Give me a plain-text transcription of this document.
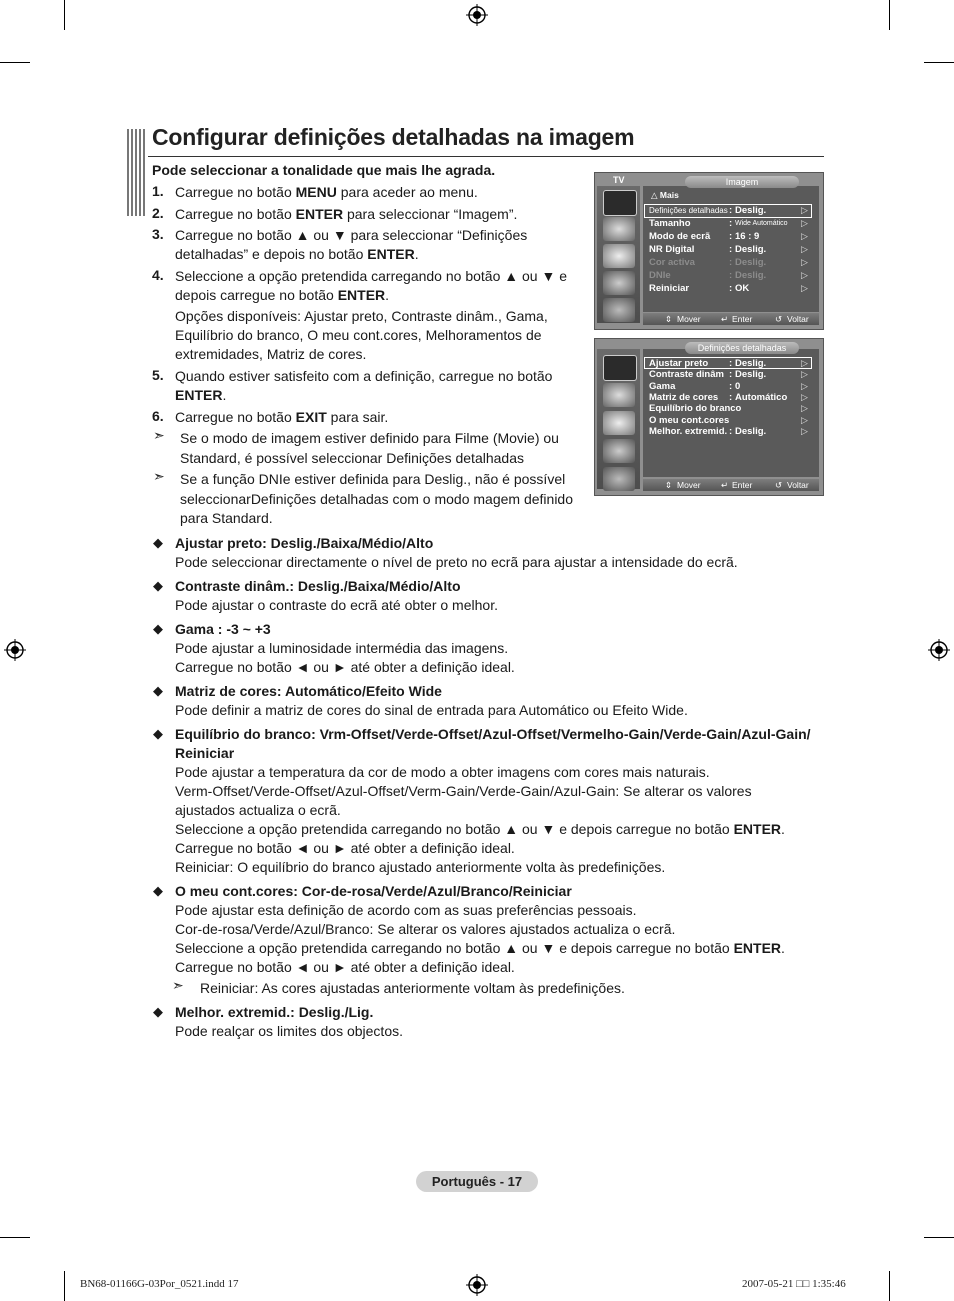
Configurar definições detalhadas na imagem
Pode seleccionar a tonalidade que mais lhe agrada.
1. Carregue no botão MENU para aceder ao menu.
2. Carregue no botão ENTER para seleccionar “Imagem”.
3. Carregue no botão ▲ ou ▼ para seleccionar “Definições
detalhadas” e depois no botão ENTER.
4. Seleccione a opção pretendida carregando no botão ▲ ou ▼ e
depois carregue no botão ENTER.
5. Quando estiver satisfeito com a definição, carregue no botão
ENTER.
6. Carregue no botão EXIT para sair.
Opções disponíveis: Ajustar preto, Contraste dinâm., Gama,
Equilíbrio do branco, O meu cont.cores, Melhoramentos de
extremidades, Matriz de cores.
➣ Se o modo de imagem estiver definido para Filme (Movie) ou
Standard, é possível seleccionar Definições detalhadas
➣ Se a função DNIe estiver definida para Deslig., não é possível
seleccionarDefinições detalhadas com o modo magem definido
para Standard.
◆ Ajustar preto: Deslig./Baixa/Médio/Alto
Pode seleccionar directamente o nível de preto no ecrã para ajustar a intensidade do ecrã.
◆ Contraste dinâm.: Deslig./Baixa/Médio/Alto
Pode ajustar o contraste do ecrã até obter o melhor.
◆ Gama : -3 ~ +3
Pode ajustar a luminosidade intermédia das imagens.
Carregue no botão ◄ ou ► até obter a definição ideal.
◆ Matriz de cores: Automático/Efeito Wide
Pode definir a matriz de cores do sinal de entrada para Automático ou Efeito Wide.
◆ Equilíbrio do branco: Vrm-Offset/Verde-Offset/Azul-Offset/Vermelho-Gain/Verde-Gain/Azul-Gain/
Reiniciar
Pode ajustar a temperatura da cor de modo a obter imagens com cores mais naturais.
Verm-Offset/Verde-Offset/Azul-Offset/Verm-Gain/Verde-Gain/Azul-Gain: Se alterar os valores
ajustados actualiza o ecrã.
Seleccione a opção pretendida carregando no botão ▲ ou ▼ e depois carregue no botão ENTER.
Carregue no botão ◄ ou ► até obter a definição ideal.
Reiniciar: O equilíbrio do branco ajustado anteriormente volta às predefinições.
◆ O meu cont.cores: Cor-de-rosa/Verde/Azul/Branco/Reiniciar
Pode ajustar esta definição de acordo com as suas preferências pessoais.
Cor-de-rosa/Verde/Azul/Branco: Se alterar os valores ajustados actualiza o ecrã.
Seleccione a opção pretendida carregando no botão ▲ ou ▼ e depois carregue no botão ENTER.
Carregue no botão ◄ ou ► até obter a definição ideal.
➣ Reiniciar: As cores ajustadas anteriormente voltam às predefinições.
◆ Melhor. extremid.: Deslig./Lig.
Pode realçar os limites dos objectos.
TV	Imagem
△ Mais
Definições detalhadas : Deslig.	▷
Tamanho	: Wide Automático ▷
Modo de ecrã : 16 : 9	▷
NR Digital	: Deslig.	▷
Cor activa	: Deslig.	▷
DNIe	: Deslig.	▷
Reiniciar	: OK	▷
⇕ Mover ↵ Enter	↺ Voltar
Definições detalhadas
Ajustar preto : Deslig.	▷
Contraste dinâm : Deslig.	▷
Gama	: 0	▷
Matriz de cores : Automático ▷
Equilíbrio do branco	▷
O meu cont.cores	▷
Melhor. extremid. : Deslig.	▷
⇕ Mover ↵ Enter	↺ Voltar
Português - 17
BN68-01166G-03Por_0521.indd 17	2007-05-21 □□ 1:35:46
